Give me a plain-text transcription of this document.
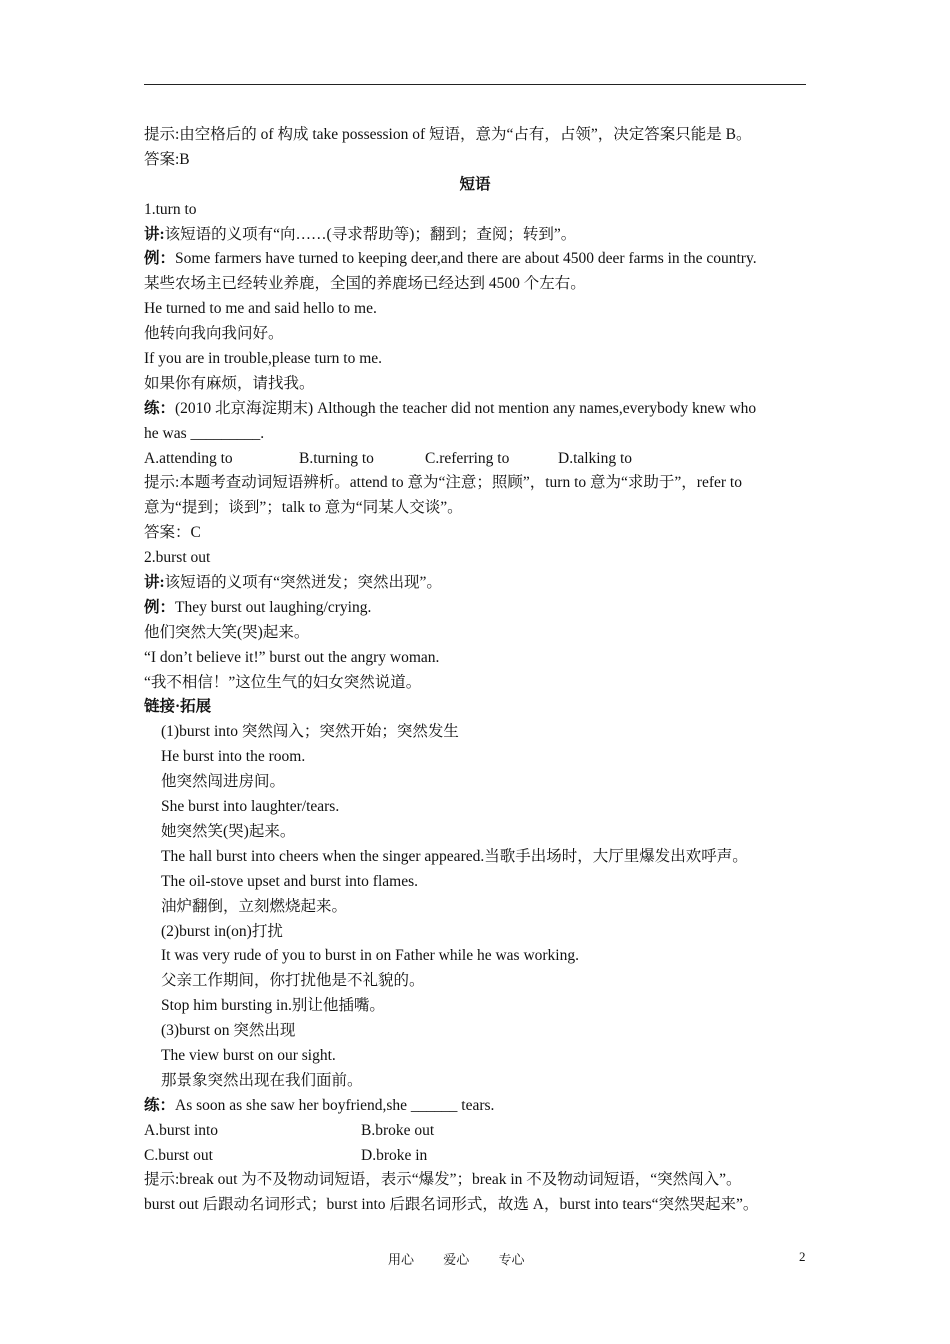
提示:由空格后的 of 构成 take possession of 短语，意为“占有，占领”，决定答案只能是 B。
答案:B
短语
1.turn to
讲:该短语的义项有“向……(寻求帮助等)；翻到；查阅；转到”。
例：Some farmers have turned to keeping deer,and there are about 4500 deer farms in the country.
某些农场主已经转业养鹿，全国的养鹿场已经达到 4500 个左右。
He turned to me and said hello to me.
他转向我向我问好。
If you are in trouble,please turn to me.
如果你有麻烦，请找我。
练：(2010 北京海淀期末) Although the teacher did not mention any names,everybody knew who
he was _________.
A.attending to	B.turning to	C.referring to	D.talking to
提示:本题考查动词短语辨析。attend to 意为“注意；照顾”，turn to 意为“求助于”，refer to
意为“提到；谈到”；talk to 意为“同某人交谈”。
答案：C
2.burst out
讲:该短语的义项有“突然迸发；突然出现”。
例：They burst out laughing/crying.
他们突然大笑(哭)起来。
“I don’t believe it!” burst out the angry woman.
“我不相信！”这位生气的妇女突然说道。
链接·拓展
(1)burst into 突然闯入；突然开始；突然发生
He burst into the room.
他突然闯进房间。
She burst into laughter/tears.
她突然笑(哭)起来。
The hall burst into cheers when the singer appeared.当歌手出场时，大厅里爆发出欢呼声。
The oil-stove upset and burst into flames.
油炉翻倒，立刻燃烧起来。
(2)burst in(on)打扰
It was very rude of you to burst in on Father while he was working.
父亲工作期间，你打扰他是不礼貌的。
Stop him bursting in.别让他插嘴。
(3)burst on 突然出现
The view burst on our sight.
那景象突然出现在我们面前。
练：As soon as she saw her boyfriend,she ______ tears.
A.burst into	B.broke out
C.burst out	D.broke in
提示:break out 为不及物动词短语，表示“爆发”；break in 不及物动词短语，“突然闯入”。
burst out 后跟动名词形式；burst into 后跟名词形式，故选 A，burst into tears“突然哭起来”。
用心 爱心 专心	2
